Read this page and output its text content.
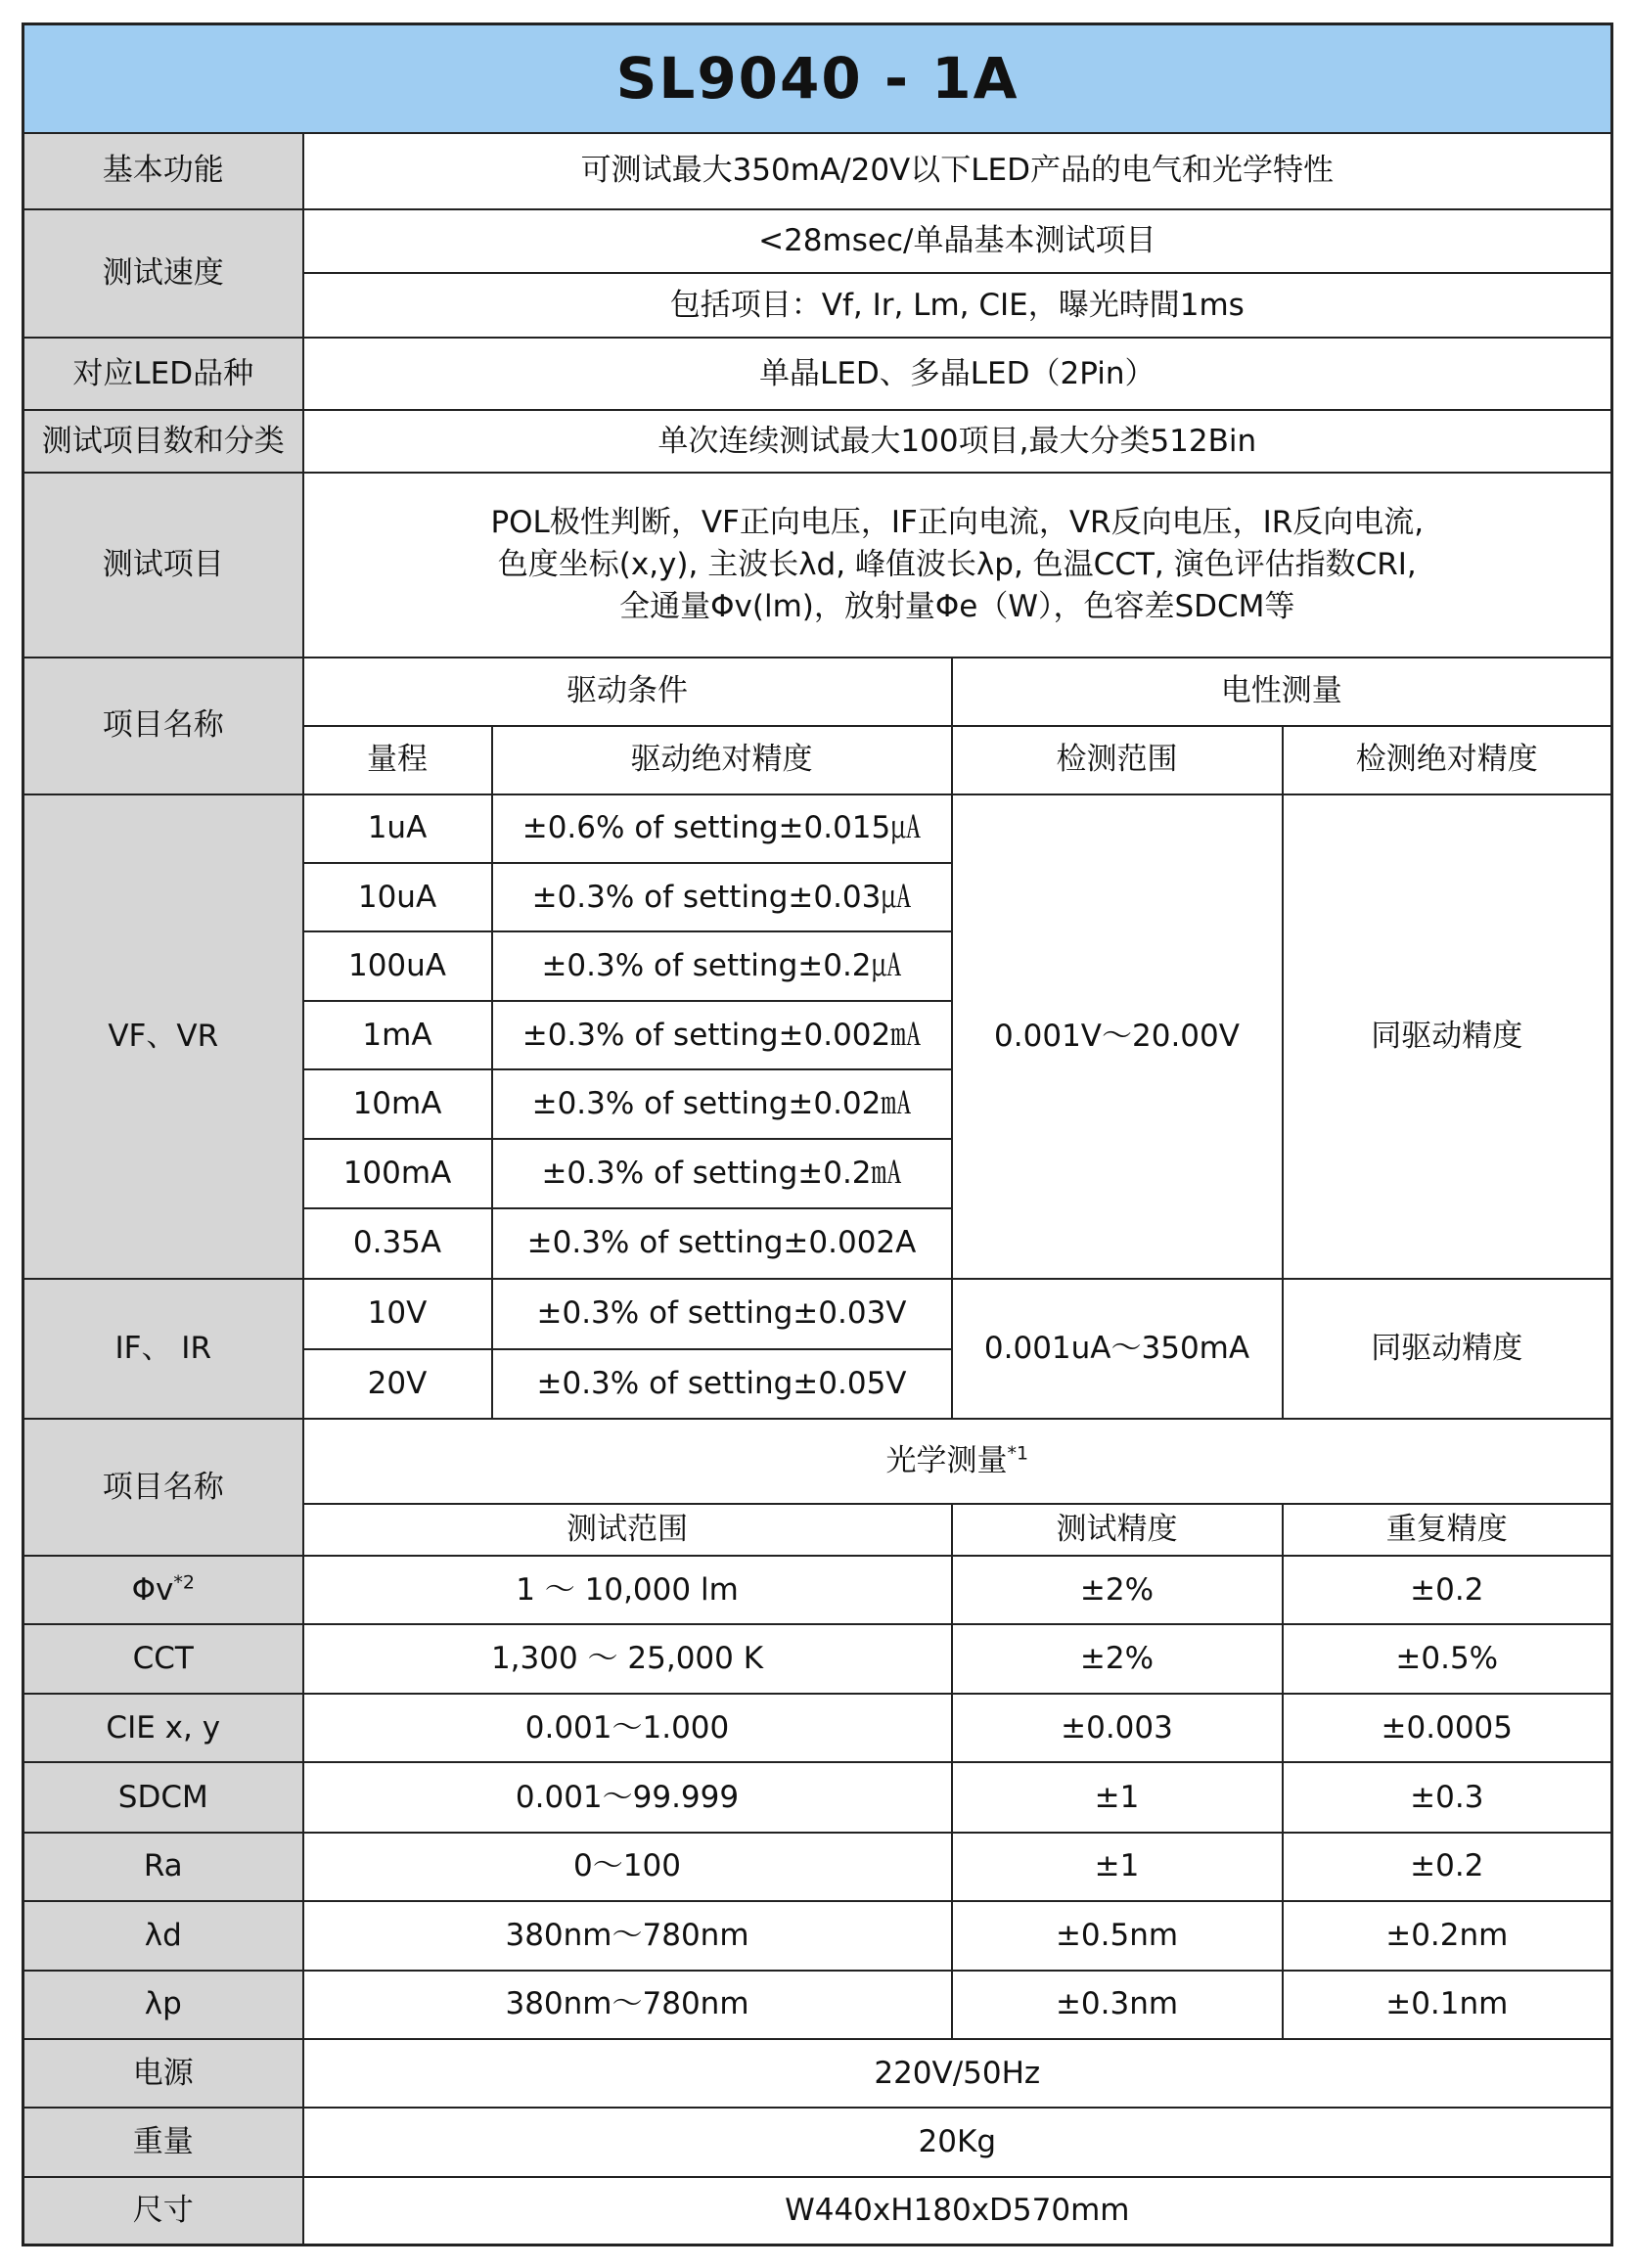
SL9040 - 1A				
基本功能	可测试最大350mA/20V以下LED产品的电气和光学特性			
测试速度	<28msec/单晶基本测试项目			
	包括项目：Vf, Ir, Lm, CIE，曝光時間1ms			
对应LED品种	单晶LED、多晶LED（2Pin）			
测试项目数和分类	单次连续测试最大100项目,最大分类512Bin			
测试项目	POL极性判断，VF正向电压，IF正向电流，VR反向电压，IR反向电流,
色度坐标(x,y), 主波长λd, 峰值波长λp, 色温CCT, 演色评估指数CRI,
全通量Φv(lm)，放射量Φe（W），色容差SDCM等			

项目名称	驱动条件		电性测量	
	量程	驱动绝对精度	检测范围	检测绝对精度
VF、VR	1uA	±0.6% of setting±0.015㎂	0.001V～20.00V	同驱动精度
	10uA	±0.3% of setting±0.03㎂		
	100uA	±0.3% of setting±0.2㎂		
	1mA	±0.3% of setting±0.002㎃		
	10mA	±0.3% of setting±0.02㎃		
	100mA	±0.3% of setting±0.2㎃		
	0.35A	±0.3% of setting±0.002A		
IF、 IR	10V	±0.3% of setting±0.03V	0.001uA～350mA	同驱动精度
	20V	±0.3% of setting±0.05V		
项目名称	光学测量$^{*1}$
	测试范围		测试精度	重复精度
$\Phi v^{*2}$	1 ～ 10,000 lm		±2%	±0.2
CCT	1,300 ～ 25,000 K		±2%	±0.5%
CIE x, y	0.001～1.000		±0.003	±0.0005
SDCM	0.001～99.999		±1	±0.3
Ra	0～100		±1	±0.2
λd	380nm～780nm		±0.5nm	±0.2nm
λp	380nm～780nm		±0.3nm	±0.1nm
电源	220V/50Hz			
重量	20Kg			
尺寸	W440xH180xD570mm			
